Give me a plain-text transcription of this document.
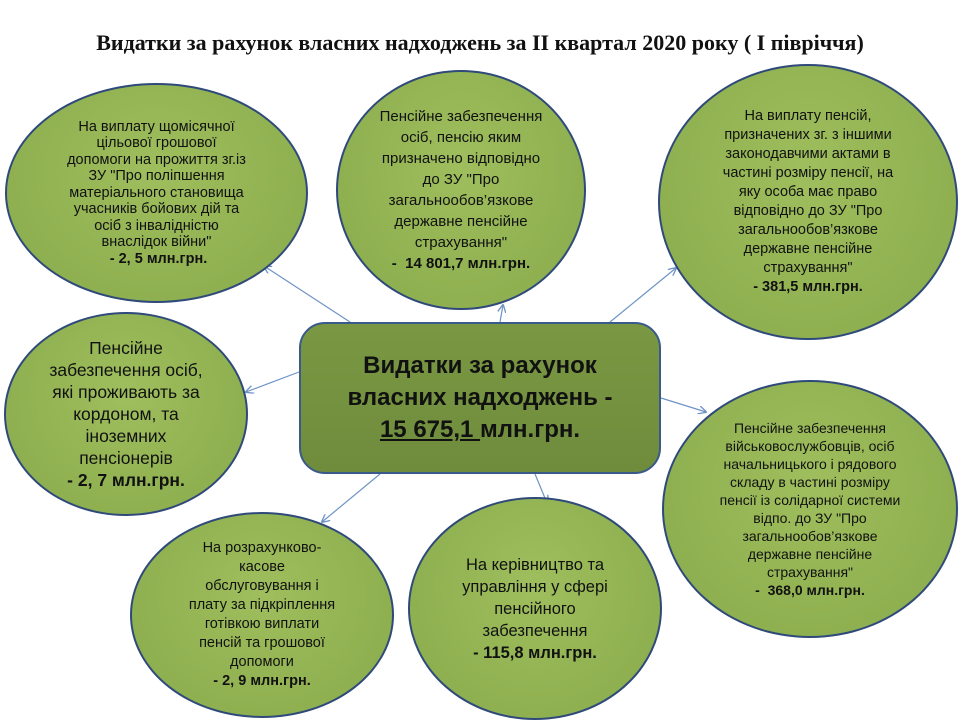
Видатки за рахунок власних надходжень за ІІ квартал 2020 року ( І півріччя)
На виплату щомісячної
цільової грошової
допомоги на прожиття зг.із
ЗУ "Про поліпшення
матеріального становища
учасників бойових дій та
осіб з інвалідністю
внаслідок війни"
- 2, 5 млн.грн.
Пенсійне забезпечення
осіб, пенсію яким
призначено відповідно
до ЗУ "Про
загальнообов’язкове
державне пенсійне
страхування"
-  14 801,7 млн.грн.
На виплату пенсій,
призначених зг. з іншими
законодавчими актами в
частині розміру пенсії, на
яку особа має право
відповідно до ЗУ "Про
загальнообов’язкове
державне пенсійне
страхування"
- 381,5 млн.грн.
Пенсійне
забезпечення осіб,
які проживають за
кордоном, та
іноземних
пенсіонерів
- 2, 7 млн.грн.
Пенсійне забезпечення
військовослужбовців, осіб
начальницького і рядового
складу в частині розміру
пенсії із солідарної системи
відпо. до ЗУ "Про
загальнообов’язкове
державне пенсійне
страхування"
-  368,0 млн.грн.
На розрахунково-
касове
обслуговування і
плату за підкріплення
готівкою виплати
пенсій та грошової
допомоги
- 2, 9 млн.грн.
На керівництво та
управління у сфері
пенсійного
забезпечення
- 115,8 млн.грн.
Видатки за рахунок
власних надходжень -
15 675,1 млн.грн.
